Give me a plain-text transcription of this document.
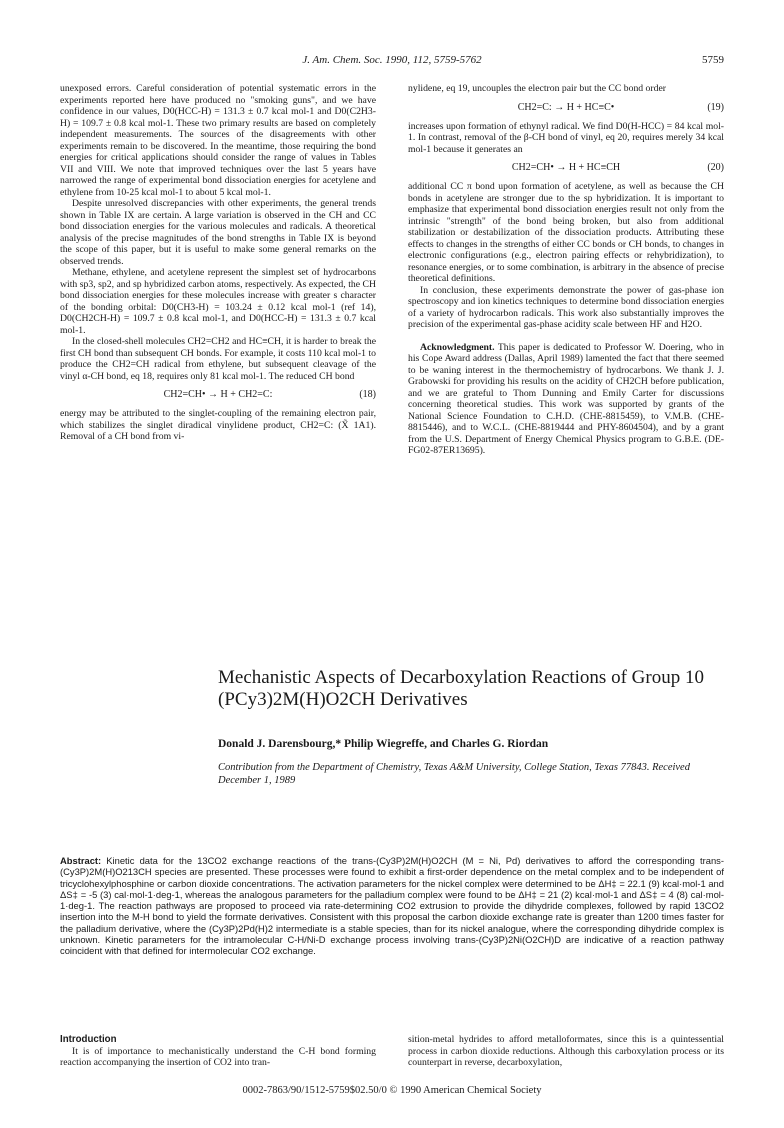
J. Am. Chem. Soc. 1990, 112, 5759-5762	5759

unexposed errors. Careful consideration of potential systematic errors in the experiments reported here have produced no "smoking guns", and we have confidence in our values, D0(HCC-H) = 131.3 ± 0.7 kcal mol-1 and D0(C2H3-H) = 109.7 ± 0.8 kcal mol-1. These two primary results are based on completely independent measurements. The sources of the disagreements with other experiments remain to be discovered. In the meantime, those requiring the bond energies for critical applications should consider the range of values in Tables VII and VIII. We note that improved techniques over the last 5 years have narrowed the range of experimental bond dissociation energies for acetylene and ethylene from 10-25 kcal mol-1 to about 5 kcal mol-1.

Despite unresolved discrepancies with other experiments, the general trends shown in Table IX are certain. A large variation is observed in the CH and CC bond dissociation energies for the various molecules and radicals. A theoretical analysis of the precise magnitudes of the bond strengths in Table IX is beyond the scope of this paper, but it is useful to make some general remarks on the observed trends.

Methane, ethylene, and acetylene represent the simplest set of hydrocarbons with sp3, sp2, and sp hybridized carbon atoms, respectively. As expected, the CH bond dissociation energies for these molecules increase with greater s character of the bonding orbital: D0(CH3-H) = 103.24 ± 0.12 kcal mol-1 (ref 14), D0(CH2CH-H) = 109.7 ± 0.8 kcal mol-1, and D0(HCC-H) = 131.3 ± 0.7 kcal mol-1.

In the closed-shell molecules CH2=CH2 and HC≡CH, it is harder to break the first CH bond than subsequent CH bonds. For example, it costs 110 kcal mol-1 to produce the CH2=CH radical from ethylene, but subsequent cleavage of the vinyl α-CH bond, eq 18, requires only 81 kcal mol-1. The reduced CH bond

CH2=CH• → H + CH2=C:	(18)

energy may be attributed to the singlet-coupling of the remaining electron pair, which stabilizes the singlet diradical vinylidene product, CH2=C: (X̃ 1A1). Removal of a CH bond from vi-

nylidene, eq 19, uncouples the electron pair but the CC bond order

CH2=C: → H + HC≡C•	(19)

increases upon formation of ethynyl radical. We find D0(H-HCC) = 84 kcal mol-1. In contrast, removal of the β-CH bond of vinyl, eq 20, requires merely 34 kcal mol-1 because it generates an

CH2=CH• → H + HC≡CH	(20)

additional CC π bond upon formation of acetylene, as well as because the CH bonds in acetylene are stronger due to the sp hybridization. It is important to emphasize that experimental bond dissociation energies result not only from the intrinsic "strength" of the bond being broken, but also from additional stabilization or destabilization of the dissociation products. Attributing these effects to changes in the strengths of either CC bonds or CH bonds, to changes in electronic configurations (e.g., electron pairing effects or rehybridization), to resonance energies, or to some combination, is arbitrary in the absence of precise theoretical definitions.

In conclusion, these experiments demonstrate the power of gas-phase ion spectroscopy and ion kinetics techniques to determine bond dissociation energies of a variety of hydrocarbon radicals. This work also substantially improves the precision of the experimental gas-phase acidity scale between HF and H2O.

Acknowledgment. This paper is dedicated to Professor W. Doering, who in his Cope Award address (Dallas, April 1989) lamented the fact that there seemed to be waning interest in the thermochemistry of hydrocarbons. We thank J. J. Grabowski for providing his results on the acidity of CH2CH before publication, and we are grateful to Thom Dunning and Emily Carter for discussions concerning theoretical studies. This work was supported by grants of the National Science Foundation to C.H.D. (CHE-8815459), to V.M.B. (CHE-8815446), and to W.C.L. (CHE-8819444 and PHY-8604504), and by a grant from the U.S. Department of Energy Chemical Physics program to G.B.E. (DE-FG02-87ER13695).

Mechanistic Aspects of Decarboxylation Reactions of Group 10 (PCy3)2M(H)O2CH Derivatives
Donald J. Darensbourg,* Philip Wiegreffe, and Charles G. Riordan
Contribution from the Department of Chemistry, Texas A&M University, College Station, Texas 77843. Received December 1, 1989
Abstract: Kinetic data for the 13CO2 exchange reactions of the trans-(Cy3P)2M(H)O2CH (M = Ni, Pd) derivatives to afford the corresponding trans-(Cy3P)2M(H)O213CH species are presented. These processes were found to exhibit a first-order dependence on the metal complex and to be independent of tricyclohexylphosphine or carbon dioxide concentrations. The activation parameters for the nickel complex were determined to be ΔH‡ = 22.1 (9) kcal·mol-1 and ΔS‡ = -5 (3) cal·mol-1·deg-1, whereas the analogous parameters for the palladium complex were found to be ΔH‡ = 21 (2) kcal·mol-1 and ΔS‡ = 4 (8) cal·mol-1·deg-1. The reaction pathways are proposed to proceed via rate-determining CO2 extrusion to provide the dihydride complexes, followed by rapid 13CO2 insertion into the M-H bond to yield the formate derivatives. Consistent with this proposal the carbon dioxide exchange rate is greater than 1200 times faster for the palladium derivative, where the (Cy3P)2Pd(H)2 intermediate is a stable species, than for its nickel analogue, where the corresponding dihydride complex is unknown. Kinetic parameters for the intramolecular C-H/Ni-D exchange process involving trans-(Cy3P)2Ni(O2CH)D are indicative of a reaction pathway coincident with that defined for intermolecular CO2 exchange.
Introduction

It is of importance to mechanistically understand the C-H bond forming reaction accompanying the insertion of CO2 into tran-

sition-metal hydrides to afford metalloformates, since this is a quintessential process in carbon dioxide reductions. Although this carboxylation process or its counterpart in reverse, decarboxylation,

0002-7863/90/1512-5759$02.50/0 © 1990 American Chemical Society
